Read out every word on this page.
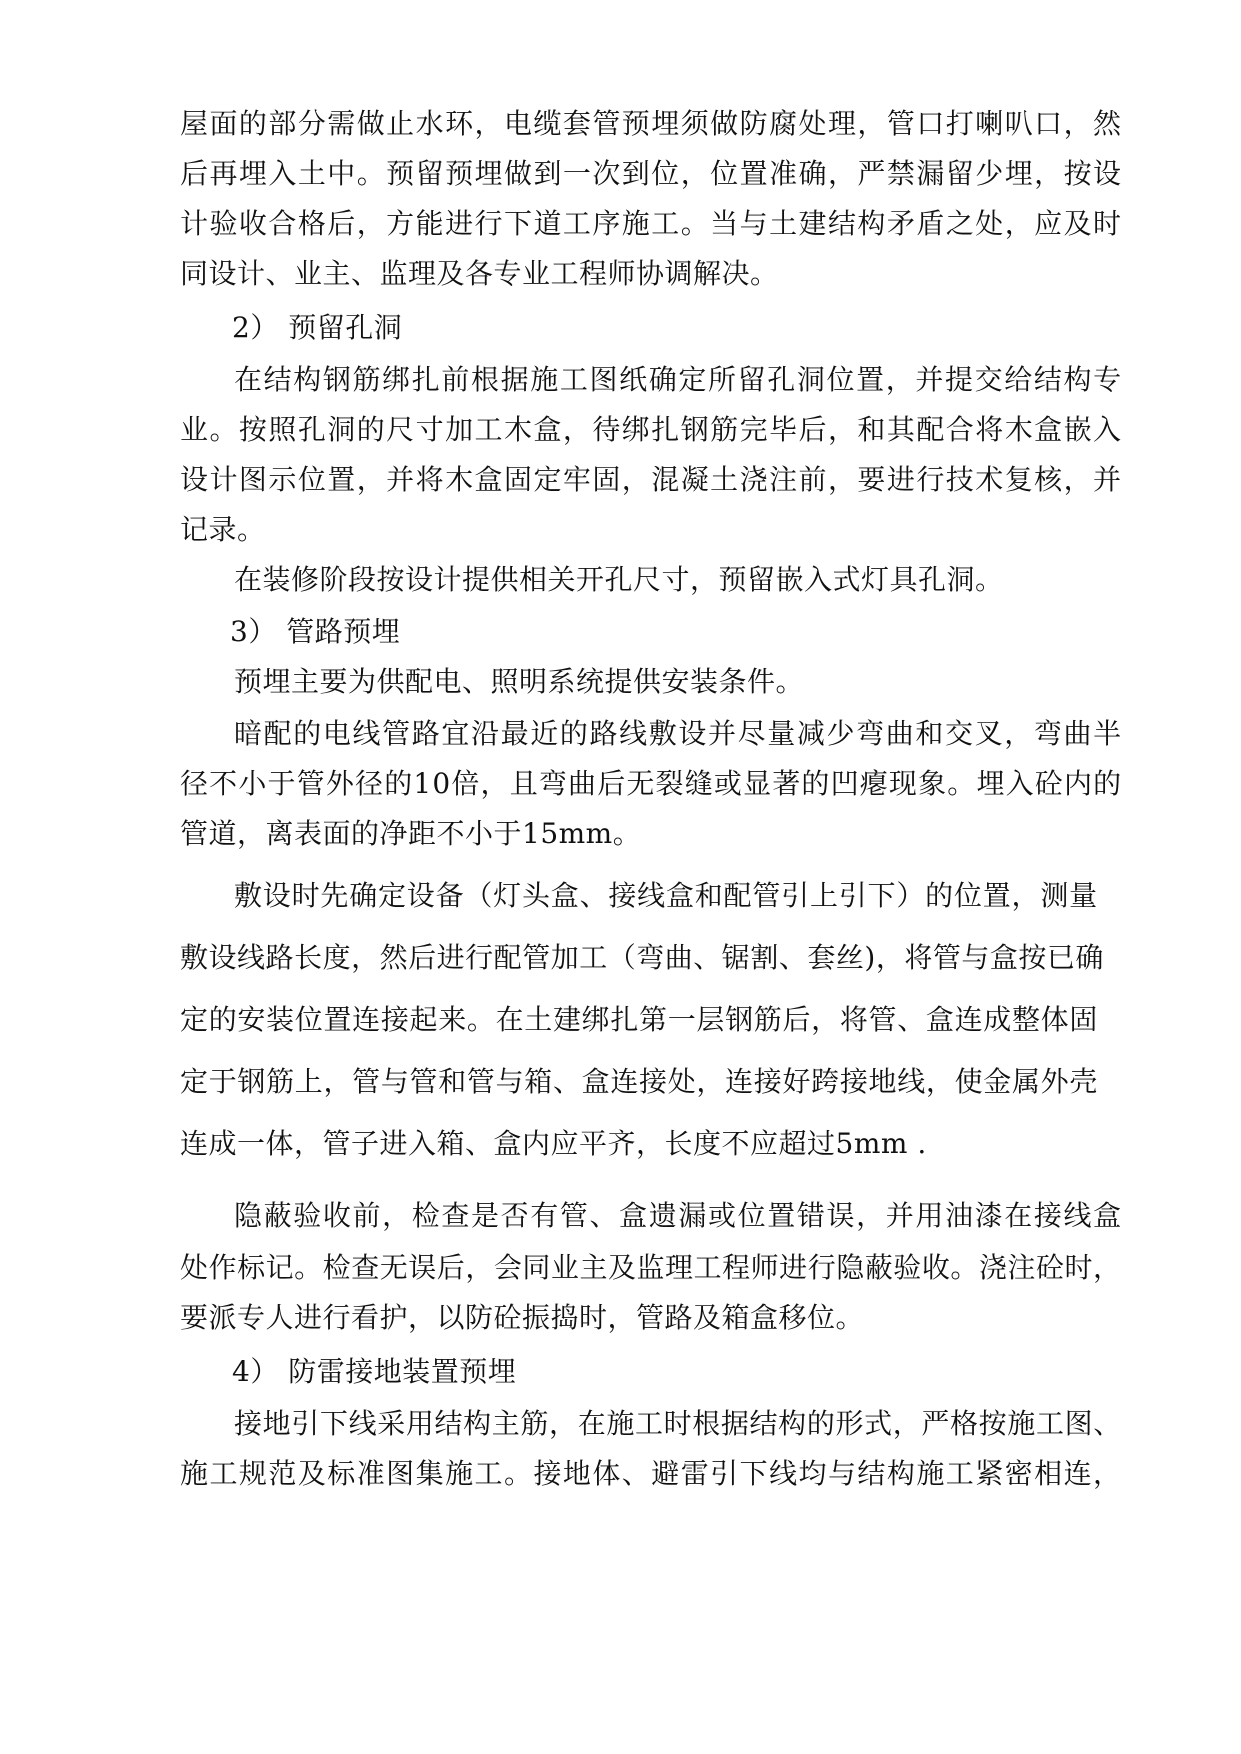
屋 面 的 部 分 需 做 止 水 环 ， 电 缆 套 管 预 埋 须 做 防 腐 处 理 ， 管 口 打 喇 叭 口 ， 然
后 再 埋 入 土 中 。 预 留 预 埋 做 到 一 次 到 位 ， 位 置 准 确 ， 严 禁 漏 留 少 埋 ， 按 设
计 验 收 合 格 后 ， 方 能 进 行 下 道 工 序 施 工 。 当 与 土 建 结 构 矛 盾 之 处 ， 应 及 时
同设计、业主、监理及各专业工程师协调解决。
2） 预留孔洞
在 结 构 钢 筋 绑 扎 前 根 据 施 工 图 纸 确 定 所 留 孔 洞 位 置 ， 并 提 交 给 结 构 专
业 。 按 照 孔 洞 的 尺 寸 加 工 木 盒 ， 待 绑 扎 钢 筋 完 毕 后 ， 和 其 配 合 将 木 盒 嵌 入
设 计 图 示 位 置 ， 并 将 木 盒 固 定 牢 固 ， 混 凝 土 浇 注 前 ， 要 进 行 技 术 复 核 ， 并
记录。
在装修阶段按设计提供相关开孔尺寸，预留嵌入式灯具孔洞。
3） 管路预埋
预埋主要为供配电、照明系统提供安装条件。
暗 配 的 电 线 管 路 宜 沿 最 近 的 路 线 敷 设 并 尽 量 减 少 弯 曲 和 交 叉 ， 弯 曲 半
径 不 小 于 管 外 径 的 1 0 倍 ， 且 弯 曲 后 无 裂 缝 或 显 著 的 凹 瘪 现 象 。 埋 入 砼 内 的
管道，离表面的净距不小于15mm。
敷 设 时 先 确 定 设 备 （ 灯 头 盒 、 接 线 盒 和 配 管 引 上 引 下 ） 的 位 置 ， 测 量
敷 设 线 路 长 度 ， 然 后 进 行 配 管 加 工 （ 弯 曲 、 锯 割 、 套 丝 ) ， 将 管 与 盒 按 已 确
定 的 安 装 位 置 连 接 起 来 。 在 土 建 绑 扎 第 一 层 钢 筋 后 ， 将 管 、 盒 连 成 整 体 固
定 于 钢 筋 上 ， 管 与 管 和 管 与 箱 、 盒 连 接 处 ， 连 接 好 跨 接 地 线 ， 使 金 属 外 壳
连成一体，管子进入箱、盒内应平齐，长度不应超过5mm .
隐 蔽 验 收 前 ， 检 查 是 否 有 管 、 盒 遗 漏 或 位 置 错 误 ， 并 用 油 漆 在 接 线 盒
处 作 标 记 。 检 查 无 误 后 ， 会 同 业 主 及 监 理 工 程 师 进 行 隐 蔽 验 收 。 浇 注 砼 时 ，
要派专人进行看护，以防砼振捣时，管路及箱盒移位。
4） 防雷接地装置预埋
接 地 引 下 线 采 用 结 构 主 筋 ， 在 施 工 时 根 据 结 构 的 形 式 ， 严 格 按 施 工 图 、
施 工 规 范 及 标 准 图 集 施 工 。 接 地 体 、 避 雷 引 下 线 均 与 结 构 施 工 紧 密 相 连 ，
